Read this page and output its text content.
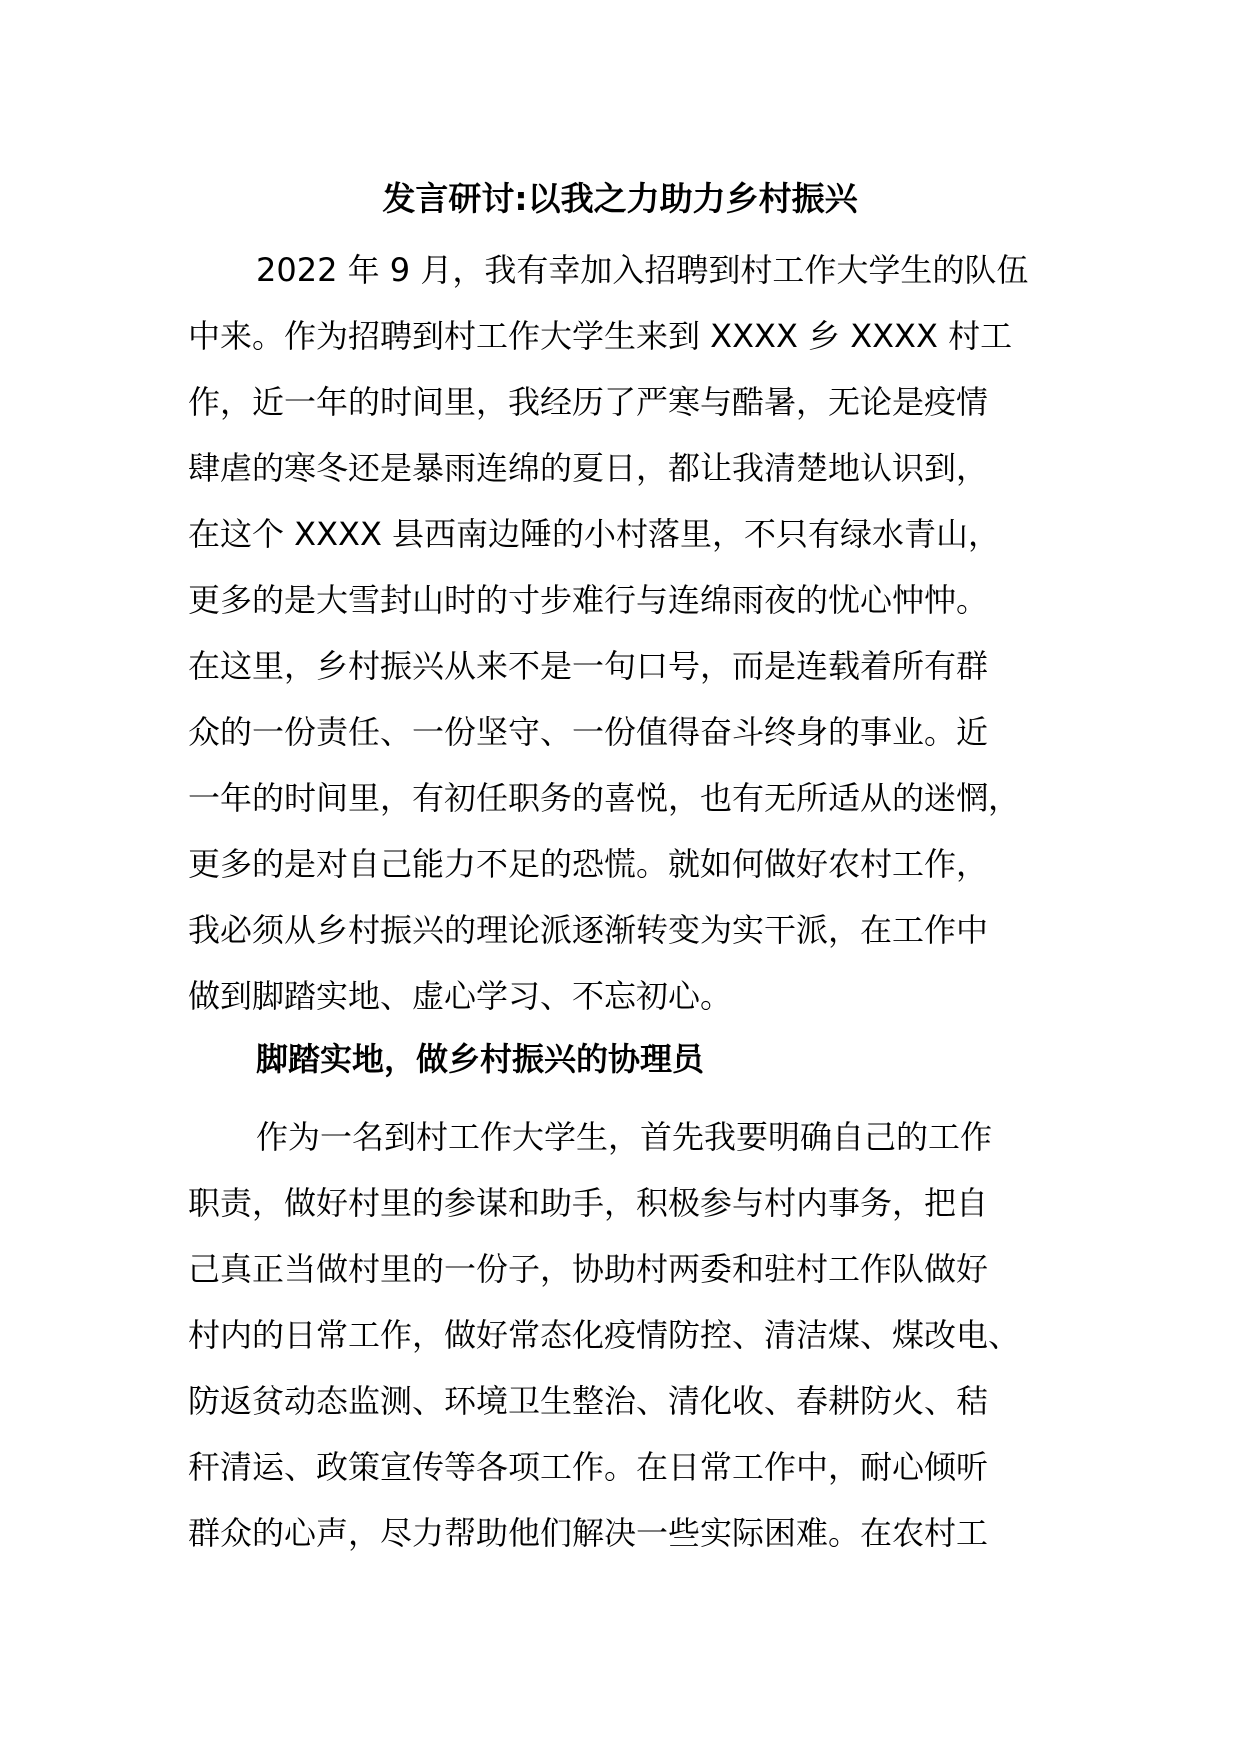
发言研讨:以我之力助力乡村振兴
2022 年 9 月，我有幸加入招聘到村工作大学生的队伍
中来。作为招聘到村工作大学生来到 XXXX 乡 XXXX 村工
作，近一年的时间里，我经历了严寒与酷暑，无论是疫情
肆虐的寒冬还是暴雨连绵的夏日，都让我清楚地认识到，
在这个 XXXX 县西南边陲的小村落里，不只有绿水青山，
更多的是大雪封山时的寸步难行与连绵雨夜的忧心忡忡。
在这里，乡村振兴从来不是一句口号，而是连载着所有群
众的一份责任、一份坚守、一份值得奋斗终身的事业。近
一年的时间里，有初任职务的喜悦，也有无所适从的迷惘，
更多的是对自己能力不足的恐慌。就如何做好农村工作，
我必须从乡村振兴的理论派逐渐转变为实干派，在工作中
做到脚踏实地、虚心学习、不忘初心。
脚踏实地，做乡村振兴的协理员
作为一名到村工作大学生，首先我要明确自己的工作
职责，做好村里的参谋和助手，积极参与村内事务，把自
己真正当做村里的一份子，协助村两委和驻村工作队做好
村内的日常工作，做好常态化疫情防控、清洁煤、煤改电、
防返贫动态监测、环境卫生整治、清化收、春耕防火、秸
秆清运、政策宣传等各项工作。在日常工作中，耐心倾听
群众的心声，尽力帮助他们解决一些实际困难。在农村工
